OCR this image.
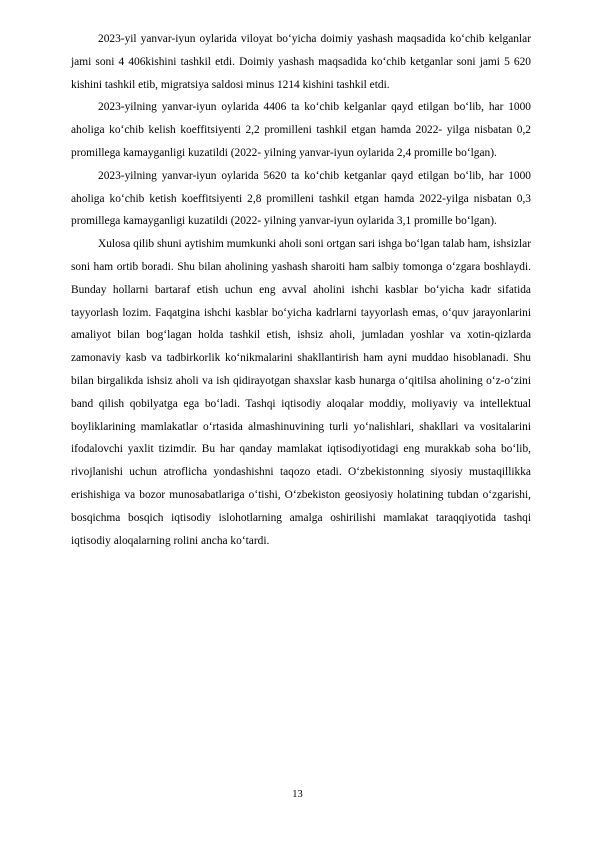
2023-yil yanvar-iyun oylarida viloyat bo‘yicha doimiy yashash maqsadida ko‘chib kelganlar jami soni 4 406kishini tashkil etdi. Doimiy yashash maqsadida ko‘chib ketganlar soni jami 5 620 kishini tashkil etib, migratsiya saldosi minus 1214 kishini tashkil etdi.

2023-yilning yanvar-iyun oylarida 4406 ta ko‘chib kelganlar qayd etilgan bo‘lib, har 1000 aholiga ko‘chib kelish koeffitsiyenti 2,2 promilleni tashkil etgan hamda 2022- yilga nisbatan 0,2 promillega kamayganligi kuzatildi (2022- yilning yanvar-iyun oylarida 2,4 promille bo‘lgan).

2023-yilning yanvar-iyun oylarida 5620 ta ko‘chib ketganlar qayd etilgan bo‘lib, har 1000 aholiga ko‘chib ketish koeffitsiyenti 2,8 promilleni tashkil etgan hamda 2022-yilga nisbatan 0,3 promillega kamayganligi kuzatildi (2022- yilning yanvar-iyun oylarida 3,1 promille bo‘lgan).

Xulosa qilib shuni aytishim mumkunki aholi soni ortgan sari ishga bo‘lgan talab ham, ishsizlar soni ham ortib boradi. Shu bilan aholining yashash sharoiti ham salbiy tomonga o‘zgara boshlaydi. Bunday hollarni bartaraf etish uchun eng avval aholini ishchi kasblar bo‘yicha kadr sifatida tayyorlash lozim. Faqatgina ishchi kasblar bo‘yicha kadrlarni tayyorlash emas, o‘quv jarayonlarini amaliyot bilan bog‘lagan holda tashkil etish, ishsiz aholi, jumladan yoshlar va xotin-qizlarda zamonaviy kasb va tadbirkorlik ko‘nikmalarini shakllantirish ham ayni muddao hisoblanadi. Shu bilan birgalikda ishsiz aholi va ish qidirayotgan shaxslar kasb hunarga o‘qitilsa aholining o‘z-o‘zini band qilish qobilyatga ega bo‘ladi. Tashqi iqtisodiy aloqalar moddiy, moliyaviy va intellektual boyliklarining mamlakatlar o‘rtasida almashinuvining turli yo‘nalishlari, shakllari va vositalarini ifodalovchi yaxlit tizimdir. Bu har qanday mamlakat iqtisodiyotidagi eng murakkab soha bo‘lib, rivojlanishi uchun atroflicha yondashishni taqozo etadi. O‘zbekistonning siyosiy mustaqillikka erishishiga va bozor munosabatlariga o‘tishi, O‘zbekiston geosiyosiy holatining tubdan o‘zgarishi, bosqichma bosqich iqtisodiy islohotlarning amalga oshirilishi mamlakat taraqqiyotida tashqi iqtisodiy aloqalarning rolini ancha ko‘tardi.

13
